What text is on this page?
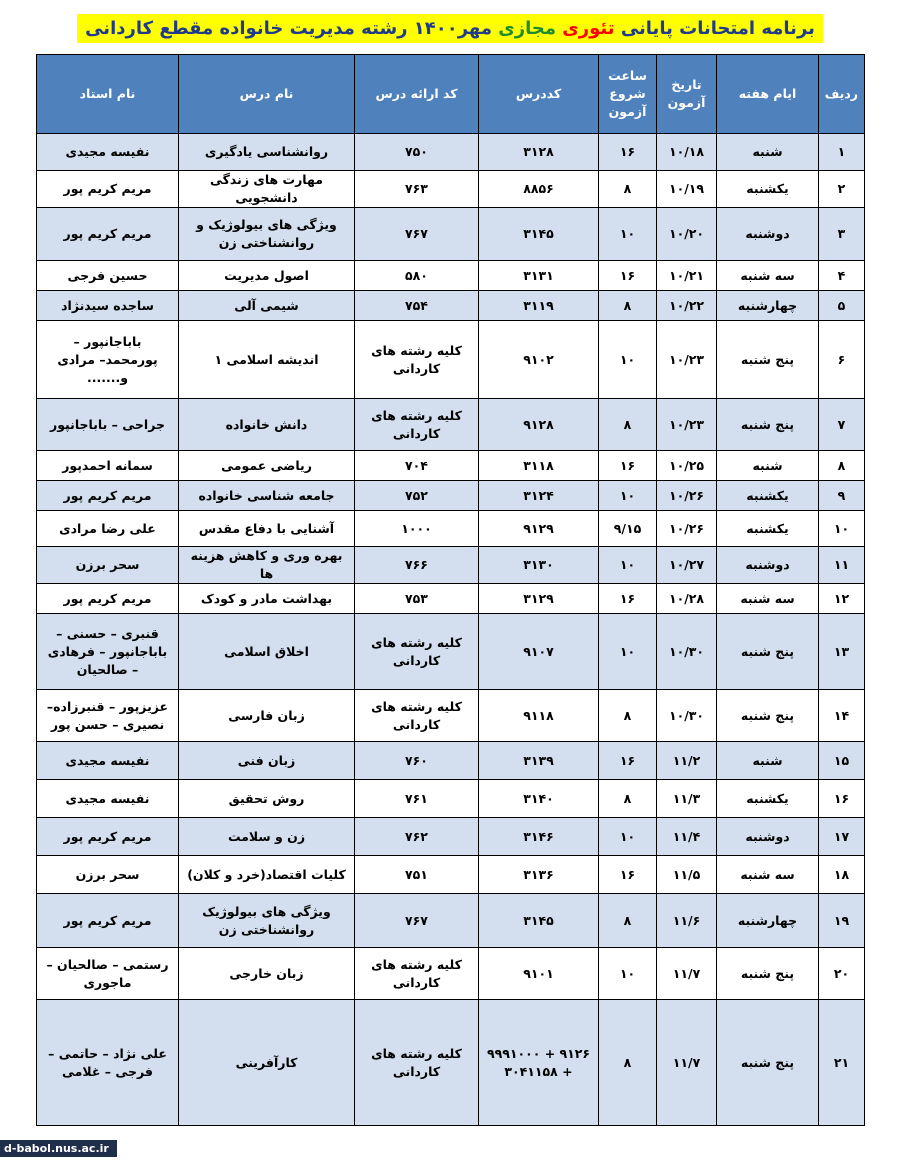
برنامه امتحانات پایانی تئوری مجازی مهر۱۴۰۰ رشته مدیریت خانواده مقطع کاردانی
ردیف	ایام هفته	تاریخ آزمون	ساعت شروع آزمون	کددرس	کد ارائه درس	نام درس	نام استاد
۱	شنبه	۱۰/۱۸	۱۶	۳۱۲۸	۷۵۰	روانشناسی یادگیری	نفیسه مجیدی
۲	یکشنبه	۱۰/۱۹	۸	۸۸۵۶	۷۶۳	مهارت های زندگی دانشجویی	مریم کریم پور
۳	دوشنبه	۱۰/۲۰	۱۰	۳۱۴۵	۷۶۷	ویژگی های بیولوژیک و روانشناختی زن	مریم کریم پور
۴	سه شنبه	۱۰/۲۱	۱۶	۳۱۳۱	۵۸۰	اصول مدیریت	حسین فرجی
۵	چهارشنبه	۱۰/۲۲	۸	۳۱۱۹	۷۵۴	شیمی آلی	ساجده سیدنژاد
۶	پنج شنبه	۱۰/۲۳	۱۰	۹۱۰۲	کلیه رشته های کاردانی	اندیشه اسلامی ۱	باباجانپور – پورمحمد– مرادی و.......
۷	پنج شنبه	۱۰/۲۳	۸	۹۱۲۸	کلیه رشته های کاردانی	دانش خانواده	جراحی – باباجانپور
۸	شنبه	۱۰/۲۵	۱۶	۳۱۱۸	۷۰۴	ریاضی عمومی	سمانه احمدپور
۹	یکشنبه	۱۰/۲۶	۱۰	۳۱۲۴	۷۵۲	جامعه شناسی خانواده	مریم کریم پور
۱۰	یکشنبه	۱۰/۲۶	۹/۱۵	۹۱۲۹	۱۰۰۰	آشنایی با دفاع مقدس	علی رضا مرادی
۱۱	دوشنبه	۱۰/۲۷	۱۰	۳۱۳۰	۷۶۶	بهره وری و کاهش هزینه ها	سحر برزن
۱۲	سه شنبه	۱۰/۲۸	۱۶	۳۱۲۹	۷۵۳	بهداشت مادر و کودک	مریم کریم پور
۱۳	پنج شنبه	۱۰/۳۰	۱۰	۹۱۰۷	کلیه رشته های کاردانی	اخلاق اسلامی	قنبری – حسنی – باباجانپور – فرهادی – صالحیان
۱۴	پنج شنبه	۱۰/۳۰	۸	۹۱۱۸	کلیه رشته های کاردانی	زبان فارسی	عزیزپور – قنبرزاده– نصیری – حسن پور
۱۵	شنبه	۱۱/۲	۱۶	۳۱۳۹	۷۶۰	زبان فنی	نفیسه مجیدی
۱۶	یکشنبه	۱۱/۳	۸	۳۱۴۰	۷۶۱	روش تحقیق	نفیسه مجیدی
۱۷	دوشنبه	۱۱/۴	۱۰	۳۱۴۶	۷۶۲	زن و سلامت	مریم کریم پور
۱۸	سه شنبه	۱۱/۵	۱۶	۳۱۳۶	۷۵۱	کلیات اقتصاد(خرد و کلان)	سحر برزن
۱۹	چهارشنبه	۱۱/۶	۸	۳۱۴۵	۷۶۷	ویژگی های بیولوژیک روانشناختی زن	مریم کریم پور
۲۰	پنج شنبه	۱۱/۷	۱۰	۹۱۰۱	کلیه رشته های کاردانی	زبان خارجی	رستمی – صالحیان – ماجوری
۲۱	پنج شنبه	۱۱/۷	۸	۹۱۲۶ + ۹۹۹۱۰۰۰ + ۳۰۴۱۱۵۸	کلیه رشته های کاردانی	کارآفرینی	علی نژاد – حاتمی – فرجی – غلامی
d-babol.nus.ac.ir
